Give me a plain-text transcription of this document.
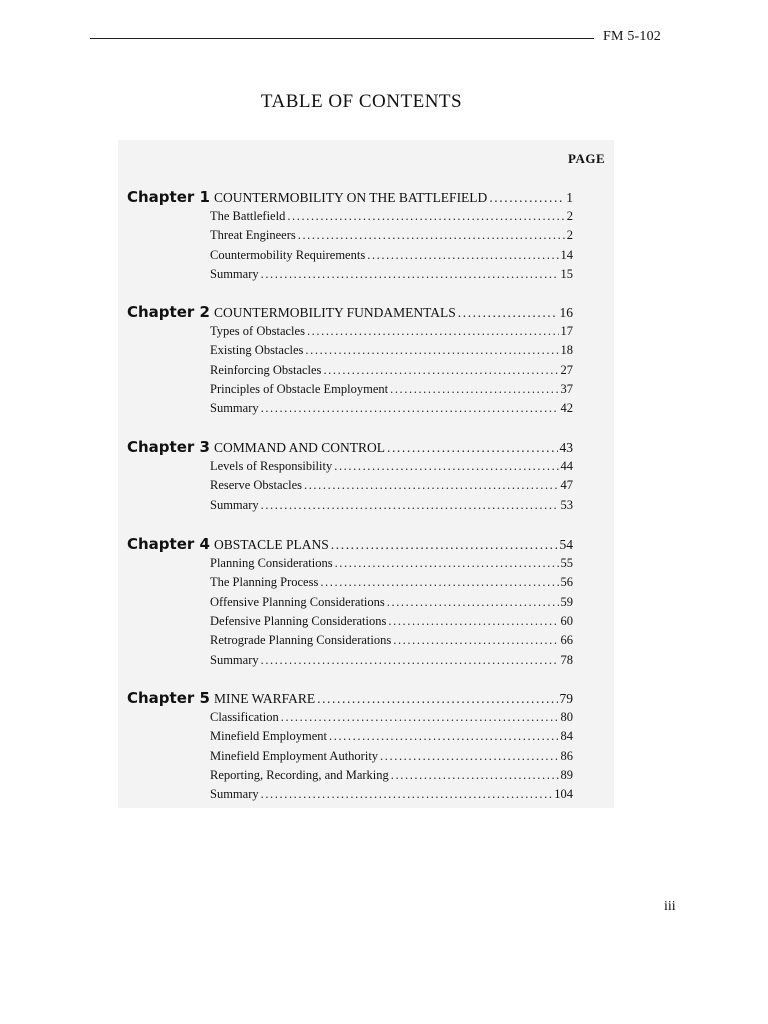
FM 5-102
TABLE OF CONTENTS
PAGE
Chapter 1 COUNTERMOBILITY ON THE BATTLEFIELD .....	1
The Battlefield .....	2
Threat Engineers .....	2
Countermobility Requirements .....	14
Summary .....	15
Chapter 2 COUNTERMOBILITY FUNDAMENTALS .....	16
Types of Obstacles .....	17
Existing Obstacles .....	18
Reinforcing Obstacles .....	27
Principles of Obstacle Employment .....	37
Summary .....	42
Chapter 3 COMMAND AND CONTROL .....	43
Levels of Responsibility .....	44
Reserve Obstacles .....	47
Summary .....	53
Chapter 4 OBSTACLE PLANS .....	54
Planning Considerations .....	55
The Planning Process .....	56
Offensive Planning Considerations .....	59
Defensive Planning Considerations .....	60
Retrograde Planning Considerations .....	66
Summary .....	78
Chapter 5 MINE WARFARE .....	79
Classification .....	80
Minefield Employment .....	84
Minefield Employment Authority .....	86
Reporting, Recording, and Marking .....	89
Summary .....	104
iii
